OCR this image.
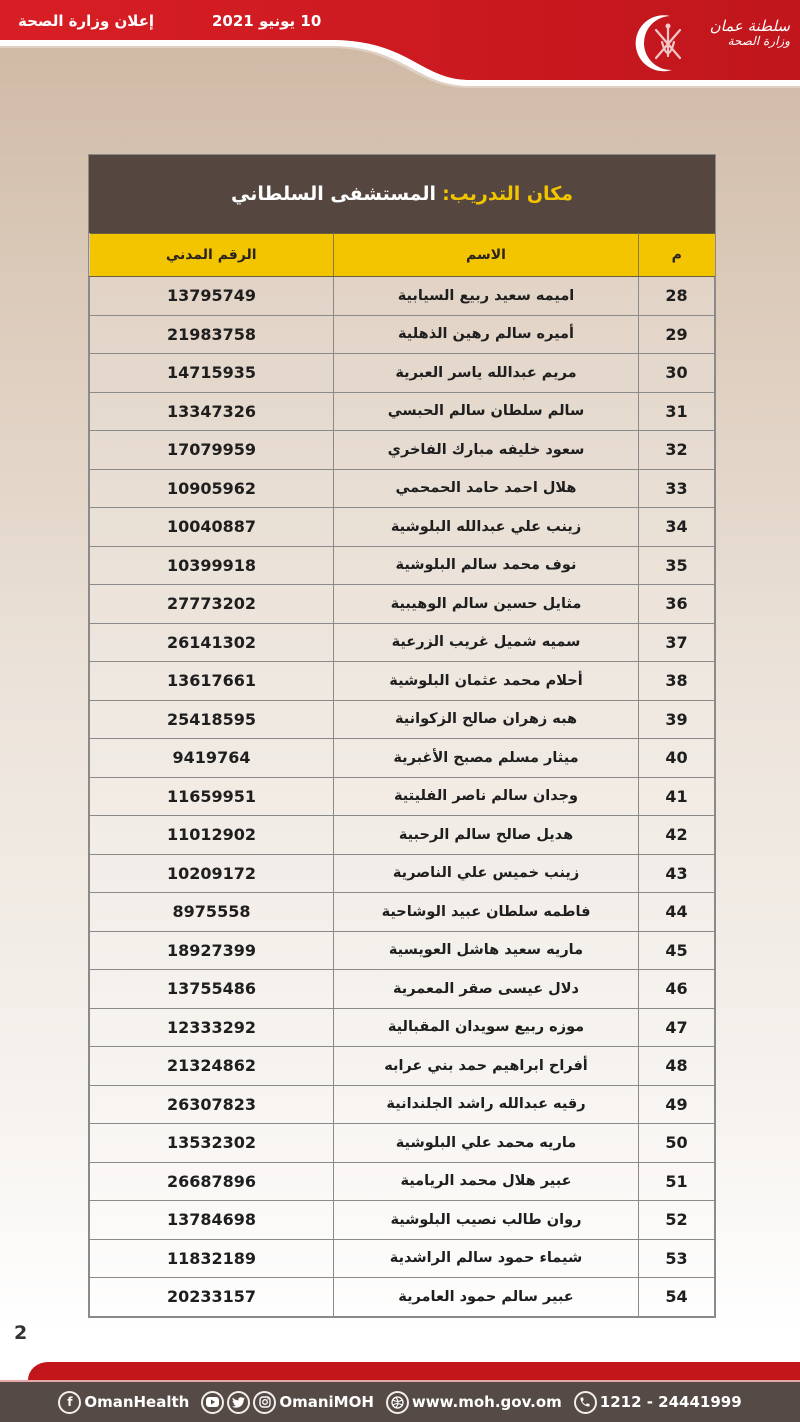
10 يونيو 2021
إعلان وزارة الصحة	سلطنة عمان
وزارة الصحة
مكان التدريب:
المستشفى السلطاني
م	الاسم	الرقم المدني
28	اميمه سعيد ربيع السيابية	13795749
29	أميره سالم رهين الذهلية	21983758
30	مريم عبدالله ياسر العبرية	14715935
31	سالم سلطان سالم الحبسي	13347326
32	سعود خليفه مبارك الفاخري	17079959
33	هلال احمد حامد الحمحمي	10905962
34	زينب علي عبدالله البلوشية	10040887
35	نوف محمد سالم البلوشية	10399918
36	مثايل حسين سالم الوهيبية	27773202
37	سميه شميل غريب الزرعية	26141302
38	أحلام محمد عثمان البلوشية	13617661
39	هبه زهران صالح الزكوانية	25418595
40	ميثار مسلم مصبح الأغبرية	9419764
41	وجدان سالم ناصر الفليتية	11659951
42	هديل صالح سالم الرحبية	11012902
43	زينب خميس علي الناصرية	10209172
44	فاطمه سلطان عبيد الوشاحية	8975558
45	ماريه سعيد هاشل العويسية	18927399
46	دلال عيسى صقر المعمرية	13755486
47	موزه ربيع سويدان المقبالية	12333292
48	أفراح ابراهيم حمد بني عرابه	21324862
49	رقيه عبدالله راشد الجلندانية	26307823
50	ماريه محمد علي البلوشية	13532302
51	عبير هلال محمد الريامية	26687896
52	روان طالب نصيب البلوشية	13784698
53	شيماء حمود سالم الراشدية	11832189
54	عبير سالم حمود العامرية	20233157
2
f OmanHealth	OmaniMOH	www.moh.gov.om	1212 - 24441999
